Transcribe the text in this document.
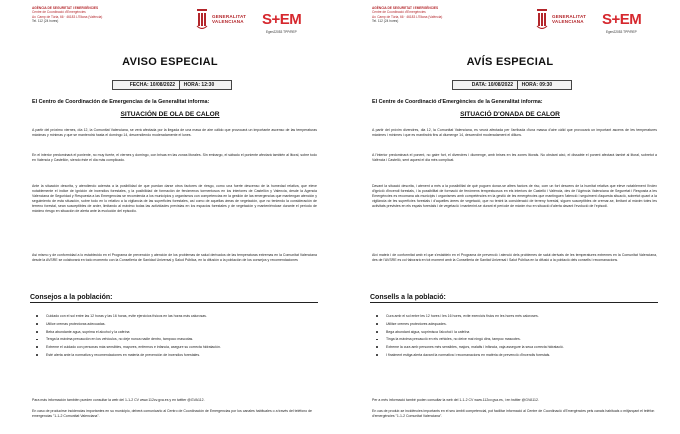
AGÈNCIA DE SEGURETAT I EMERGÈNCIES
Centre de Coordinació d'Emergències
Av. Camp de Túria, 66 · 46183 L'Eliana (València)
Tel. 112 (24 hores)
GENERALITAT
VALENCIANA S+EM
Egen22053 TPP/REP
AVISO ESPECIAL
FECHA: 10/08/2022 HORA: 12:30
El Centro de Coordinación de Emergencias de la Generalitat informa:
SITUACIÓN DE OLA DE CALOR

A partir del próximo viernes, día 12, la Comunitat Valenciana, se verá afectada por la llegada de una masa de aire cálido que provocará un importante ascenso de las temperaturas máximas y mínimas y que se mantendrá hasta el domingo 14, descendiendo moderadamente el lunes.

En el interior predominará el poniente, no muy fuerte, el viernes y domingo, con brisas en las zonas litorales. Sin embargo, el sábado el poniente afectará también al litoral, sobre todo en Valencia y Castellón, siendo éste el día más complicado.

Ante la situación descrita, y atendiendo además a la posibilidad de que puedan darse otros factores de riesgo, como una fuerte descenso de la humedad relativa, que eleve notablemente el índice de ignición de incendios forestales, y la posibilidad de formación de fenómenos tormentosos en los interiores de Castellón y Valencia, desde la Agencia Valenciana de Seguridad y Respuesta a las Emergencias se recomienda a los municipios y organismos con competencias en la gestión de las emergencias que mantengan atención y seguimiento de esta situación, sobre todo en lo relativo a la vigilancia de las superficies forestales, así como de aquellas áreas de vegetación, que no teniendo la consideración de terreno forestal, sean susceptibles de arder, limitando al máximo todas las actividades previstas en los espacios forestales y de vegetación y manteniéndose durante el período de máximo riesgo en situación de alerta ante la evolución del episodio.

Así mismo y de conformidad a lo establecido en el Programa de prevención y atención de los problemas de salud derivados de las temperaturas extremas en la Comunitat Valenciana desde la AVSRE se colaborará en todo momento con la Consellería de Sanidad Universal y Salud Pública, en la difusión a la población de los consejos y recomendaciones

Consejos a la población:
Cuidado con el sol entre las 12 horas y las 16 horas, evite ejercicios físicos en las horas más calurosas.
Utilice cremas protectoras adecuadas.
Beba abundante agua, suprima el alcohol y la cafeína
Tenga la máxima precaución en los vehículos, no deje nunca nadie dentro, tampoco mascotas.
Extreme el cuidado con personas más sensibles, mayores, enfermos e infancia, asegure su correcta hidratación.
Esté alerta ante la normativa y recomendaciones en materia de prevención de incendios forestales.

Para más información también pueden consultar la web del 1-1-2 CV www.112cv.gva.es y en twitter @GVA112.

En caso de producirse incidencias importantes en su municipio, deberá comunicarlo al Centro de Coordinación de Emergencias por los canales habituales o a través del teléfono de emergencias "1-1-2 Comunitat Valenciana".

AGÈNCIA DE SEGURETAT I EMERGÈNCIES
Centre de Coordinació d'Emergències
Av. Camp de Túria, 66 · 46183 L'Eliana (València)
Tel. 112 (24 hores)
GENERALITAT
VALENCIANA S+EM
Egen22053 TPP/REP
AVÍS ESPECIAL
DATA: 10/08/2022 HORA: 09:30
El Centre de Coordinació d'Emergències de la Generalitat informa:
SITUACIÓ D'ONADA DE CALOR

A partir del pròxim divendres, dia 12, la Comunitat Valenciana, es veurà afectada per l'arribada d'una massa d'aire càlid que provocarà un important ascens de les temperatures màximes i mínimes i que es mantindrà fins al diumenge 14, descendint moderadament el dilluns.

A l'interior predominarà el ponent, no gaire fort, el divendres i diumenge, amb brises en les zones litorals. No obstant això, el dissabte el ponent afectarà també al litoral, sobretot a València i Castelló, sent aquest el dia més complicat.

Davant la situació descrita, i atenent a més a la possibilitat de què puguen donar-se altres factors de risc, com un fort descens de la humitat relativa que eleve notablement l'índex d'ignició d'incendi forestals, i la possibilitat de formació de fenòmens tempestuosos en els interiors de Castelló i València, des de l'Agència Valenciana de Seguretat i Resposta a les Emergències es recomana als municipis i organismes amb competències en la gestió de les emergències que mantinguen l'atenció i seguiment d'aquesta situació, sobretot quant a la vigilància de les superfícies forestals i d'aquelles àrees de vegetació, que no tenint la consideració de terreny forestal, siguen susceptibles de cremar-se, limitant al màxim totes les activitats previstes en els espais forestals i de vegetació i mantenint-se durant el període de màxim risc en situació d'alerta davant l'evolució de l'episodi.

Així mateix i de conformitat amb el que s'estableix en el Programa de prevenció i atenció dels problemes de salut derivats de les temperatures extremes en la Comunitat Valenciana, des de l'AVSRE es col·laborarà en tot moment amb la Conselleria de Sanitat Universal i Salut Pública en la difusió a la població dels consells i recomanacions.

Consells a la població:
Cura amb el sol entre les 12 hores i les 16 hores, evite exercicis físics en les hores més caloroses.
Utilitze cremes protectores adequades.
Bega abundant aigua, suprimisca l'alcohol i la cafeïna
Tinga la màxima precaució en els vehicles, no deixe mai ningú dins, tampoc mascotes.
Extreme la cura amb persones més sensibles, majors, malalts i infància, vaja assegure la seua correcta hidratació.
I finalment estiga alerta davant la normativa i recomanacions en matèria de prevenció d'incendis forestals.

Per a més informació també poden consultar la web del 1-1-2 CV www.112cv.gva.es, i en twitter @GVA112.

En cas de produir-se incidències importants en el seu àmbit competencial, pot facilitar informació al Centre de Coordinació d'Emergències pels canals habituals o mitjançant el telèfon d'emergències "1-1-2 Comunitat Valenciana".
